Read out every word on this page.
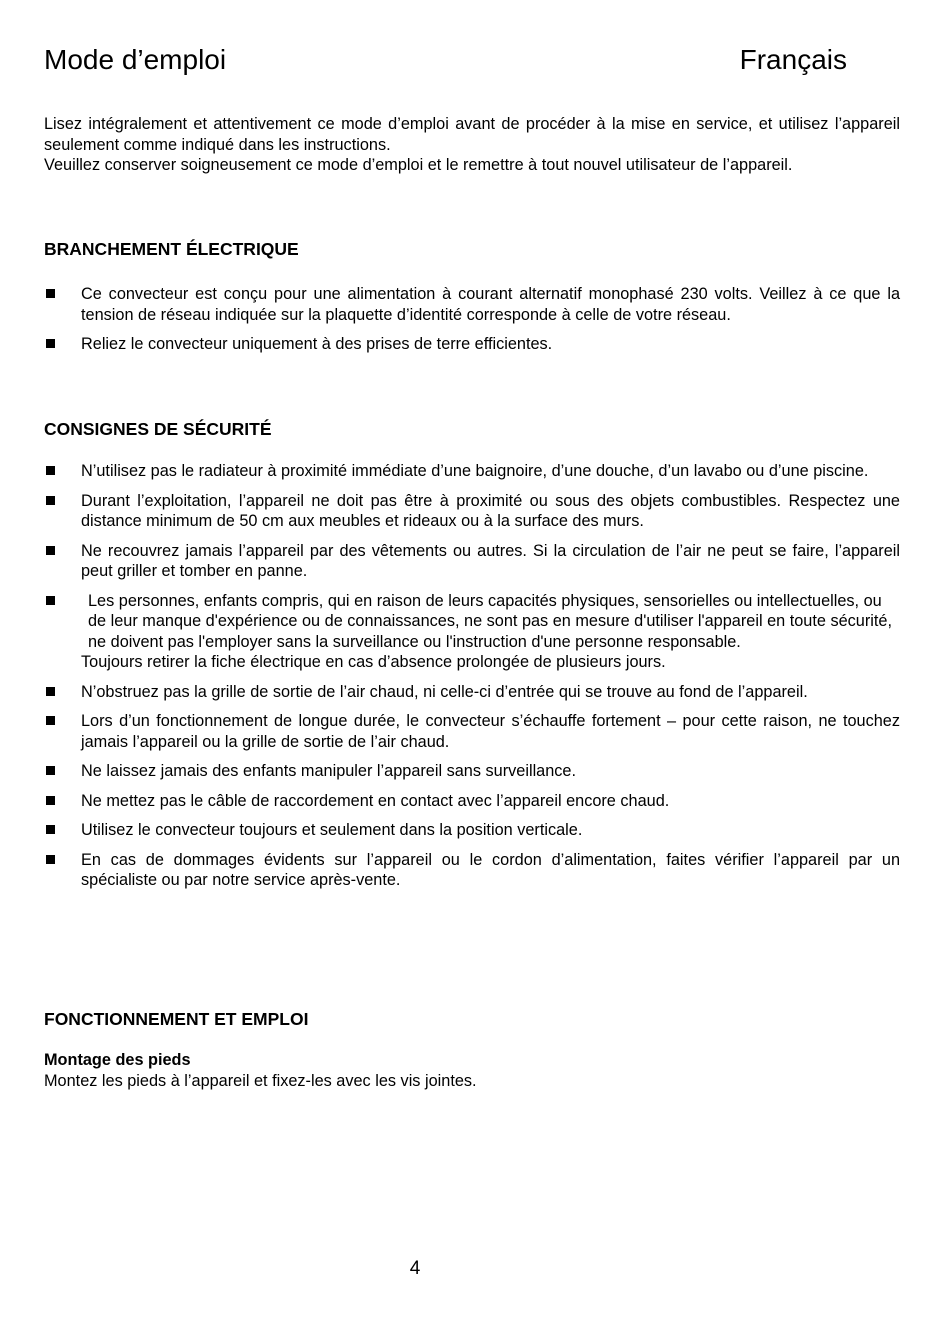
Mode d’emploi	Français

Lisez intégralement et attentivement ce mode d’emploi avant de procéder à la mise en service, et utilisez l’appareil seulement comme indiqué dans les instructions.

Veuillez conserver soigneusement ce mode d’emploi et le remettre à tout nouvel utilisateur de l’appareil.

BRANCHEMENT ÉLECTRIQUE
Ce convecteur est conçu pour une alimentation à courant alternatif monophasé 230 volts. Veillez à ce que la tension de réseau indiquée sur la plaquette d’identité corresponde à celle de votre réseau.
Reliez le convecteur uniquement à des prises de terre efficientes.
CONSIGNES DE SÉCURITÉ
N’utilisez pas le radiateur à proximité immédiate d’une baignoire, d’une douche, d’un lavabo ou d’une piscine.
Durant l’exploitation, l’appareil ne doit pas être à proximité ou sous des objets combustibles. Respectez une distance minimum de 50 cm aux meubles et rideaux ou à la surface des murs.
Ne recouvrez jamais l’appareil par des vêtements ou autres. Si la circulation de l’air ne peut se faire, l’appareil peut griller et tomber en panne.
Les personnes, enfants compris, qui en raison de leurs capacités physiques, sensorielles ou intellectuelles, ou de leur manque d'expérience ou de connaissances, ne sont pas en mesure d'utiliser l'appareil en toute sécurité, ne doivent pas l'employer sans la surveillance ou l'instruction d'une personne responsable.
Toujours retirer la fiche électrique en cas d’absence prolongée de plusieurs jours.
N’obstruez pas la grille de sortie de l’air chaud, ni celle-ci d’entrée qui se trouve au fond de l’appareil.
Lors d’un fonctionnement de longue durée, le convecteur s’échauffe fortement – pour cette raison, ne touchez jamais l’appareil ou la grille de sortie de l’air chaud.
Ne laissez jamais des enfants manipuler l’appareil sans surveillance.
Ne mettez pas le câble de raccordement en contact avec l’appareil encore chaud.
Utilisez le convecteur toujours et seulement dans la position verticale.
En cas de dommages évidents sur l’appareil ou le cordon d’alimentation, faites vérifier l’appareil par un spécialiste ou par notre service après-vente.
FONCTIONNEMENT ET EMPLOI

Montage des pieds

Montez les pieds à l’appareil et fixez-les avec les vis jointes.

4
